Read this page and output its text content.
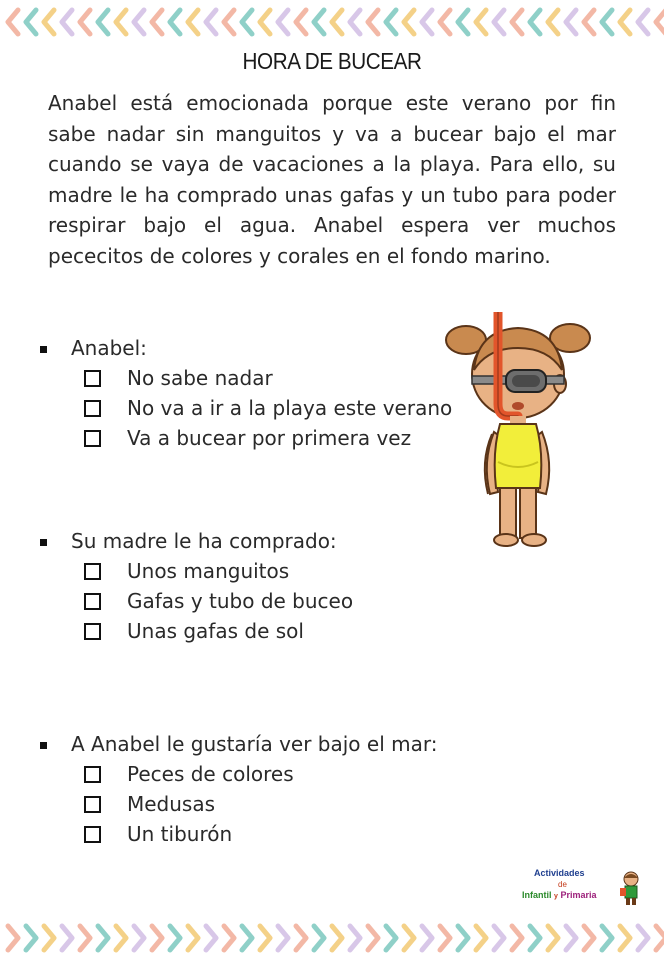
HORA DE BUCEAR
Anabel está emocionada porque este verano por fin sabe nadar sin manguitos y va a bucear bajo el mar cuando se vaya de vacaciones a la playa. Para ello, su madre le ha comprado unas gafas y un tubo para poder respirar bajo el agua. Anabel espera ver muchos pececitos de colores y corales en el fondo marino.
Anabel:
No sabe nadar
No va a ir a la playa este verano
Va a bucear por primera vez
Su madre le ha comprado:
Unos manguitos
Gafas y tubo de buceo
Unas gafas de sol
A Anabel le gustaría ver bajo el mar:
Peces de colores
Medusas
Un tiburón
Actividades
de
Infantil y Primaria
